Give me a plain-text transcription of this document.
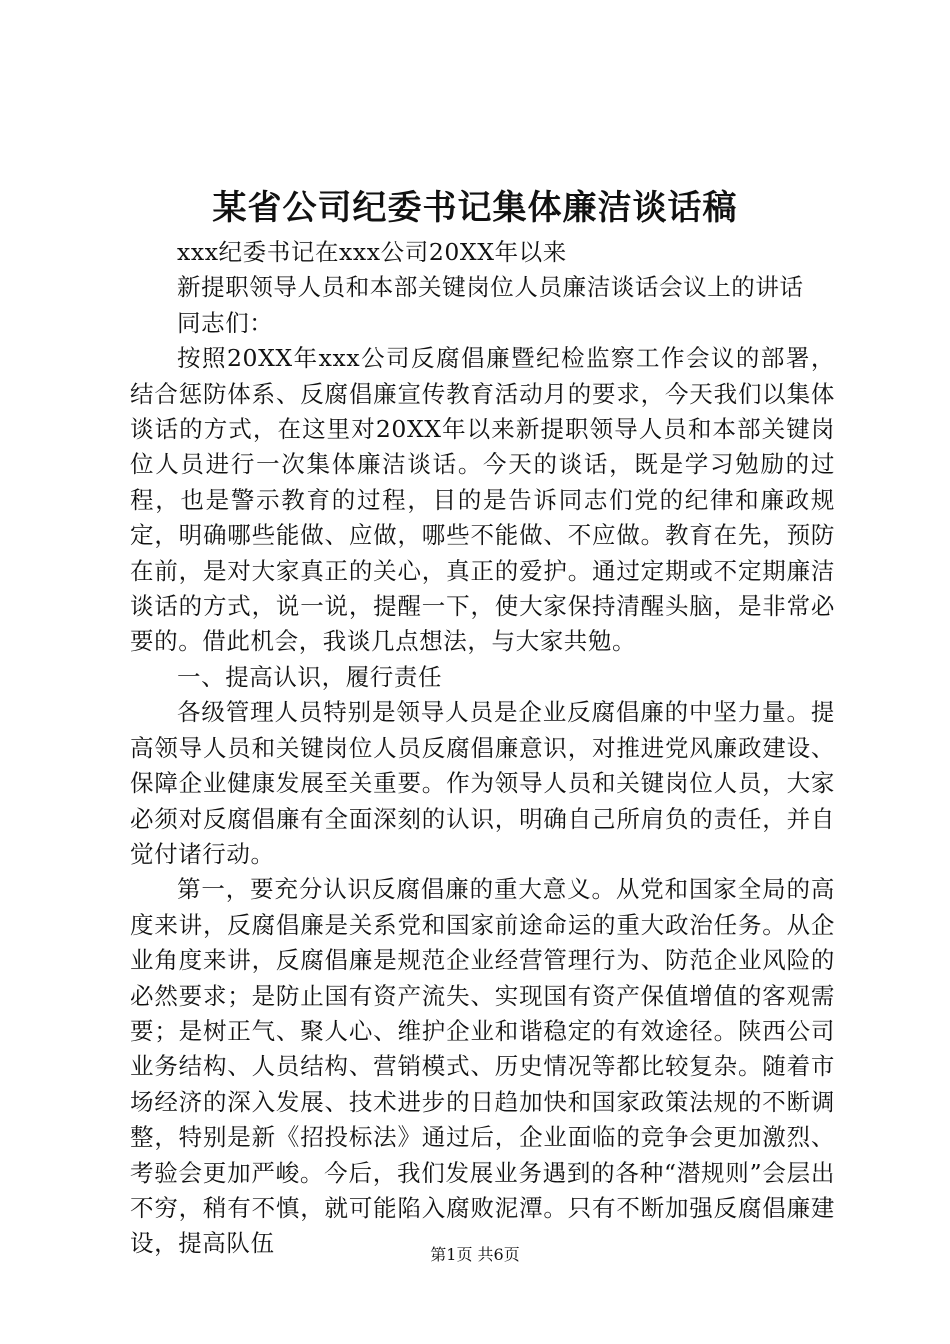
某省公司纪委书记集体廉洁谈话稿

xxx纪委书记在xxx公司20XX年以来

新提职领导人员和本部关键岗位人员廉洁谈话会议上的讲话

同志们：

按照20XX年xxx公司反腐倡廉暨纪检监察工作会议的部署，结合惩防体系、反腐倡廉宣传教育活动月的要求，今天我们以集体谈话的方式，在这里对20XX年以来新提职领导人员和本部关键岗位人员进行一次集体廉洁谈话。今天的谈话，既是学习勉励的过程，也是警示教育的过程，目的是告诉同志们党的纪律和廉政规定，明确哪些能做、应做，哪些不能做、不应做。教育在先，预防在前，是对大家真正的关心，真正的爱护。通过定期或不定期廉洁谈话的方式，说一说，提醒一下，使大家保持清醒头脑，是非常必要的。借此机会，我谈几点想法，与大家共勉。

一、提高认识，履行责任

各级管理人员特别是领导人员是企业反腐倡廉的中坚力量。提高领导人员和关键岗位人员反腐倡廉意识，对推进党风廉政建设、保障企业健康发展至关重要。作为领导人员和关键岗位人员，大家必须对反腐倡廉有全面深刻的认识，明确自己所肩负的责任，并自觉付诸行动。

第一，要充分认识反腐倡廉的重大意义。从党和国家全局的高度来讲，反腐倡廉是关系党和国家前途命运的重大政治任务。从企业角度来讲，反腐倡廉是规范企业经营管理行为、防范企业风险的必然要求；是防止国有资产流失、实现国有资产保值增值的客观需要；是树正气、聚人心、维护企业和谐稳定的有效途径。陕西公司业务结构、人员结构、营销模式、历史情况等都比较复杂。随着市场经济的深入发展、技术进步的日趋加快和国家政策法规的不断调整，特别是新《招投标法》通过后，企业面临的竞争会更加激烈、考验会更加严峻。今后，我们发展业务遇到的各种“潜规则”会层出不穷，稍有不慎，就可能陷入腐败泥潭。只有不断加强反腐倡廉建设，提高队伍	第1页 共6页
